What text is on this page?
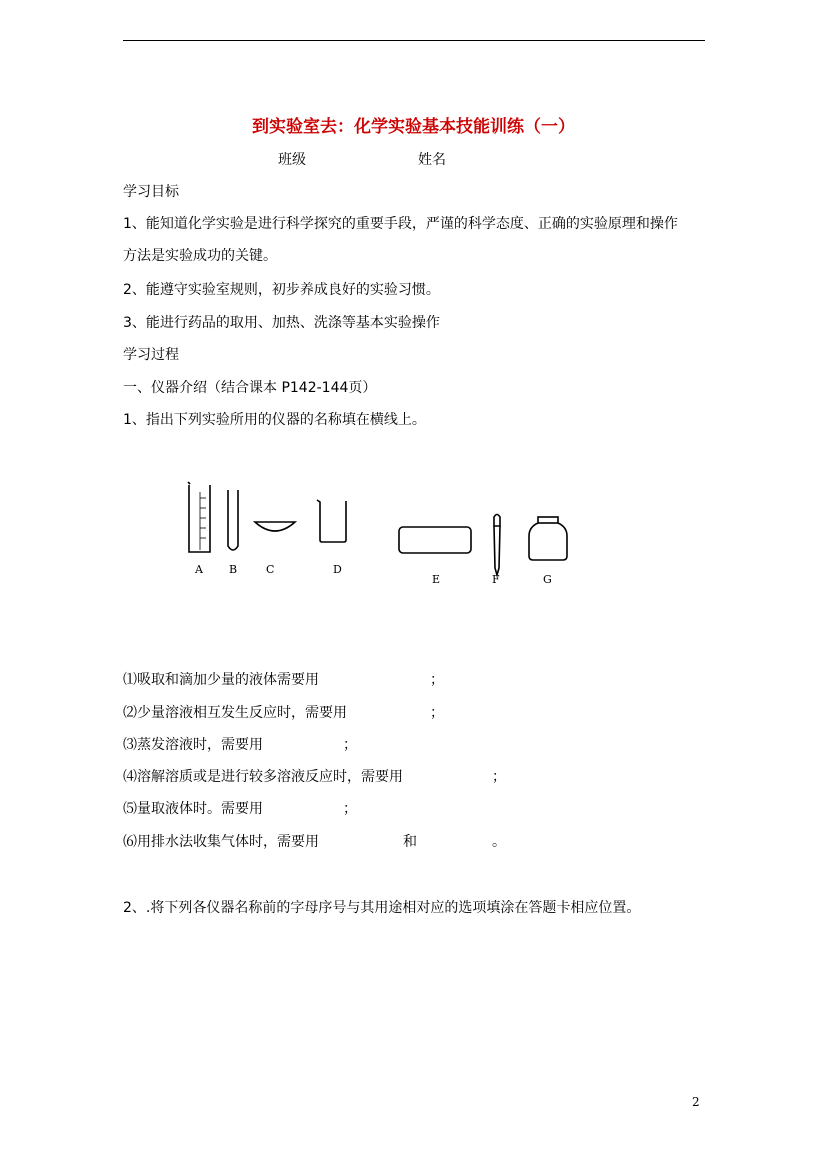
到实验室去：化学实验基本技能训练（一）
班级	姓名
学习目标
1、能知道化学实验是进行科学探究的重要手段，严谨的科学态度、正确的实验原理和操作
方法是实验成功的关键。
2、能遵守实验室规则，初步养成良好的实验习惯。
3、能进行药品的取用、加热、洗涤等基本实验操作
学习过程
一、仪器介绍（结合课本 P142-144页）
1、指出下列实验所用的仪器的名称填在横线上。
A B	C	D
E	F	G
⑴吸取和滴加少量的液体需要用	；
⑵少量溶液相互发生反应时，需要用	；
⑶蒸发溶液时，需要用	；
⑷溶解溶质或是进行较多溶液反应时，需要用	；
⑸量取液体时。需要用	；
⑹用排水法收集气体时，需要用	和	。
2、.将下列各仪器名称前的字母序号与其用途相对应的选项填涂在答题卡相应位置。
2
